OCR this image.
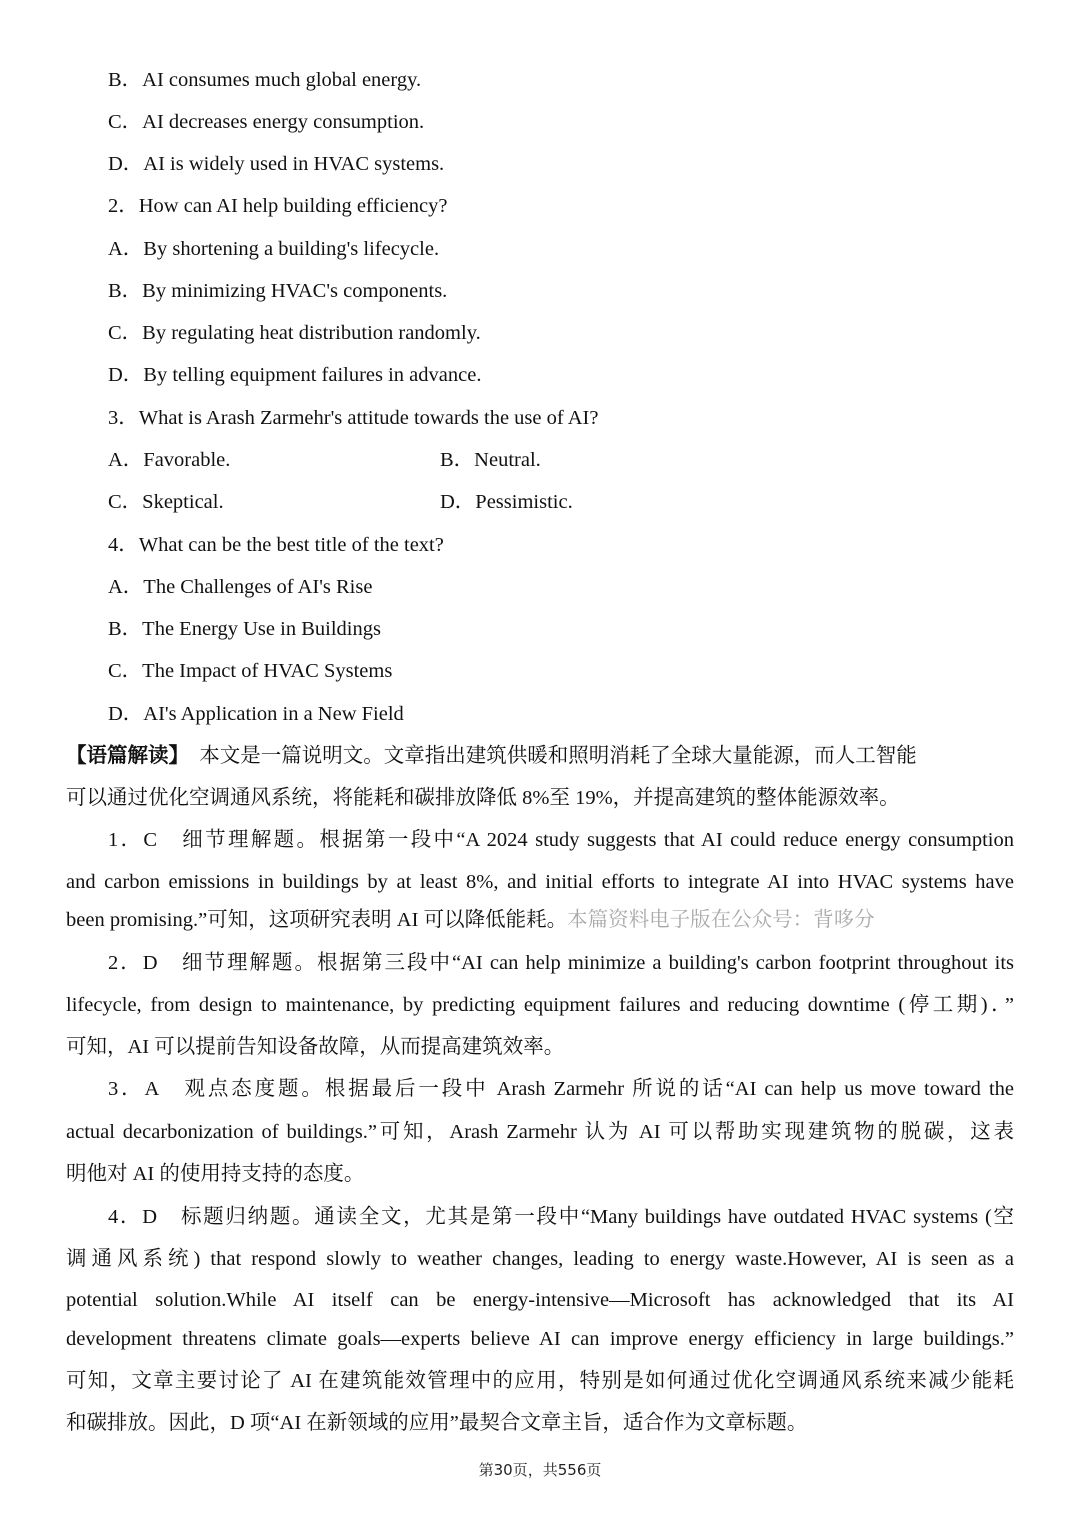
B．AI consumes much global energy.
C．AI decreases energy consumption.
D．AI is widely used in HVAC systems.
2．How can AI help building efficiency?
A．By shortening a building's lifecycle.
B．By minimizing HVAC's components.
C．By regulating heat distribution randomly.
D．By telling equipment failures in advance.
3．What is Arash Zarmehr's attitude towards the use of AI?
A．Favorable.	B．Neutral.
C．Skeptical.	D．Pessimistic.
4．What can be the best title of the text?
A．The Challenges of AI's Rise
B．The Energy Use in Buildings
C．The Impact of HVAC Systems
D．AI's Application in a New Field
【语篇解读】　 本文是一篇说明文。文章指出建筑供暖和照明消耗了全球大量能源，而人工智能
可以通过优化空调通风系统，将能耗和碳排放降低 8%至 19%，并提高建筑的整体能源效率。
1．C　细节理解题。根据第一段中“A 2024 study suggests that AI could reduce energy consumption
and carbon emissions in buildings by at least 8%, and initial efforts to integrate AI into HVAC systems have
been promising.”可知，这项研究表明 AI 可以降低能耗。本篇资料电子版在公众号：背哆分
2．D　细节理解题。根据第三段中“AI can help minimize a building's carbon footprint throughout its
lifecycle, from design to maintenance, by predicting equipment failures and reducing downtime (停工期)．”
可知，AI 可以提前告知设备故障，从而提高建筑效率。
3．A　观点态度题。根据最后一段中 Arash Zarmehr 所说的话“AI can help us move toward the
actual decarbonization of buildings.”可知，Arash Zarmehr 认为 AI 可以帮助实现建筑物的脱碳，这表
明他对 AI 的使用持支持的态度。
4．D　标题归纳题。通读全文，尤其是第一段中“Many buildings have outdated HVAC systems (空
调通风系统) that respond slowly to weather changes, leading to energy waste.However, AI is seen as a
potential solution.While AI itself can be energy-intensive—Microsoft has acknowledged that its AI
development threatens climate goals—experts believe AI can improve energy efficiency in large buildings.”
可知，文章主要讨论了 AI 在建筑能效管理中的应用，特别是如何通过优化空调通风系统来减少能耗
和碳排放。因此，D 项“AI 在新领域的应用”最契合文章主旨，适合作为文章标题。
第30页，共556页
